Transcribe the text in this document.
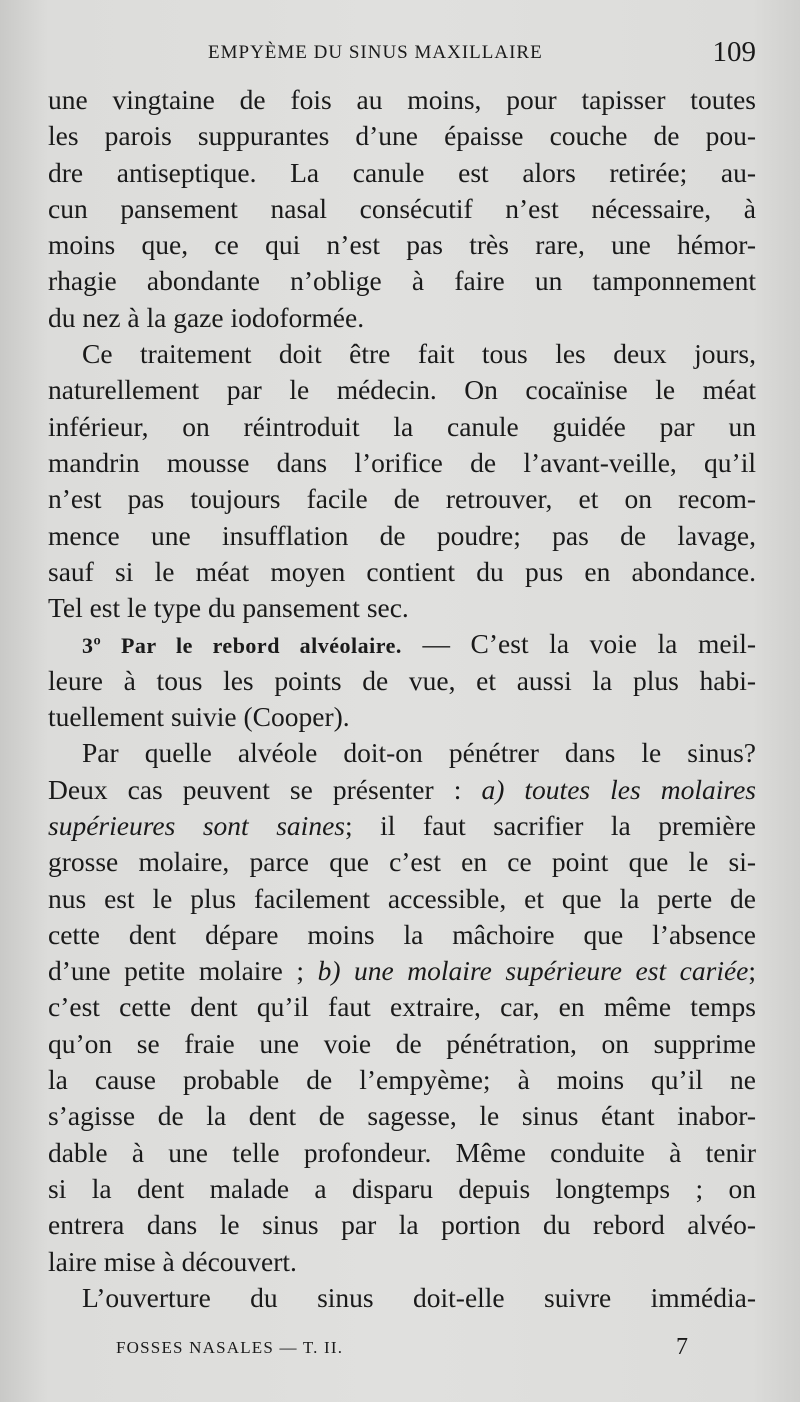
EMPYÈME DU SINUS MAXILLAIRE	109
une vingtaine de fois au moins, pour tapisser toutes
les parois suppurantes d’une épaisse couche de pou-
dre antiseptique. La canule est alors retirée; au-
cun pansement nasal consécutif n’est nécessaire, à
moins que, ce qui n’est pas très rare, une hémor-
rhagie abondante n’oblige à faire un tamponnement
du nez à la gaze iodoformée.
Ce traitement doit être fait tous les deux jours,
naturellement par le médecin. On cocaïnise le méat
inférieur, on réintroduit la canule guidée par un
mandrin mousse dans l’orifice de l’avant-veille, qu’il
n’est pas toujours facile de retrouver, et on recom-
mence une insufflation de poudre; pas de lavage,
sauf si le méat moyen contient du pus en abondance.
Tel est le type du pansement sec.
3º Par le rebord alvéolaire. — C’est la voie la meil-
leure à tous les points de vue, et aussi la plus habi-
tuellement suivie (Cooper).
Par quelle alvéole doit-on pénétrer dans le sinus?
Deux cas peuvent se présenter : a) toutes les molaires
supérieures sont saines; il faut sacrifier la première
grosse molaire, parce que c’est en ce point que le si-
nus est le plus facilement accessible, et que la perte de
cette dent dépare moins la mâchoire que l’absence
d’une petite molaire ; b) une molaire supérieure est cariée;
c’est cette dent qu’il faut extraire, car, en même temps
qu’on se fraie une voie de pénétration, on supprime
la cause probable de l’empyème; à moins qu’il ne
s’agisse de la dent de sagesse, le sinus étant inabor-
dable à une telle profondeur. Même conduite à tenir
si la dent malade a disparu depuis longtemps ; on
entrera dans le sinus par la portion du rebord alvéo-
laire mise à découvert.
L’ouverture du sinus doit-elle suivre immédia-
FOSSES NASALES — T. II.	7
